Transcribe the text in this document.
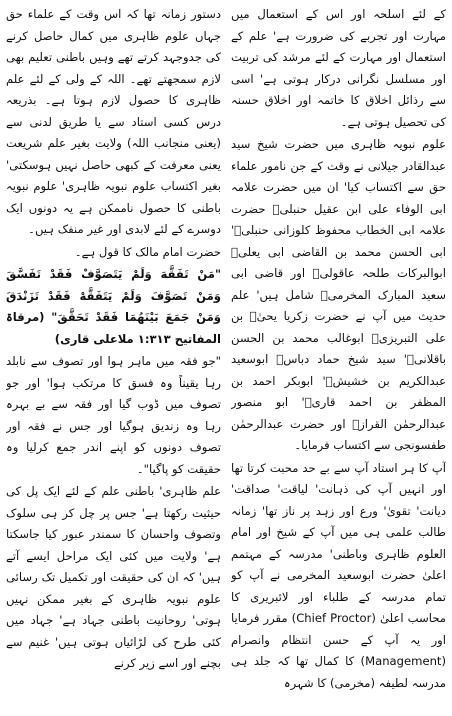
دستور زمانہ تھا کہ اس وقت کے علماء حق جہاں علوم ظاہری میں کمال حاصل کرنے کی جدوجہد کرتے تھے وہیں باطنی تعلیم بھی لازم سمجھتے تھے۔ اللہ کے ولی کے لئے علم ظاہری کا حصول لازم ہوتا ہے۔ بذریعہ درس کسی استاد سے یا طریق لدنی سے (یعنی منجانب اللہ) ولایت بغیر علم شریعت یعنی معرفت کے کبھی حاصل نہیں ہوسکتی' بغیر اکتساب علوم نبویہ ظاہری' علوم نبویہ باطنی کا حصول ناممکن ہے یہ دونوں ایک دوسرے کے لئے لابدی اور غیر منفک ہیں۔

حضرت امام مالک کا قول ہے۔

"مَنْ تَفَقَّهَ وَلَمْ يَتَصَوَّفْ فَقَدْ تَفَسَّقَ وَمَنْ تَصَوَّفَ وَلَمْ يَتَفَقَّهْ فَقَدْ تَزَنْدَقَ وَمَنْ جَمَعَ بَيْنَهُمَا فَقَدْ تَحَقَّقَ" (مرقاۃ المفاتیح ۱:۳۱۳ ملاعلی قاری)

"جو فقہ میں ماہر ہوا اور تصوف سے نابلد رہا یقیناً وہ فسق کا مرتکب ہوا' اور جو تصوف میں ڈوب گیا اور فقہ سے بے بہرہ رہا وہ زندیق ہوگیا اور جس نے فقہ اور تصوف دونوں کو اپنے اندر جمع کرلیا وہ حقیقت کو پاگیا"۔

علم ظاہری' باطنی علم کے لئے ایک پل کی حیثیت رکھتا ہے' جس پر چل کر ہی سلوک وتصوف واحسان کا سمندر عبور کیا جاسکتا ہے' ولایت میں کئی ایک مراحل ایسے آتے ہیں' کہ ان کی حقیقت اور تکمیل تک رسائی علوم نبویہ ظاہری کے بغیر ممکن نہیں ہوتی' روحانیت باطنی جہاد ہے' جہاد میں کئی طرح کی لڑائیاں ہوتی ہیں' غنیم سے بچنے اور اسے زیر کرنے

کے لئے اسلحہ اور اس کے استعمال میں مہارت اور تجربے کی ضرورت ہے' علم کے استعمال اور مہارت کے لئے مرشد کی تربیت اور مسلسل نگرانی درکار ہوتی ہے' اسی سے رذائل اخلاق کا خاتمہ اور اخلاق حسنہ کی تحصیل ہوتی ہے۔

علوم نبویہ ظاہری میں حضرت شیخ سید عبدالقادر جیلانی نے وقت کے جن نامور علماء حق سے اکتساب کیا' ان میں حضرت علامہ ابی الوفاء علی ابن عقیل حنبلیؒ حضرت علامہ ابی الخطاب محفوظ کلوزانی حنبلیؒ' ابی الحسن محمد بن القاضی ابی یعلیؒ ابوالبرکات طلحہ عاقولیؒ اور قاضی ابی سعید المبارک المخرمیؒ شامل ہیں' علم حدیث میں آپ نے حضرت زکریا یحیٰؒ بن علی التبریزیؒ ابوغالب محمد بن الحسن باقلانیؒ' سید شیخ حماد دباسؒ ابوسعید عبدالکریم بن خشیشؒ' ابوبکر احمد بن المظفر بن احمد قاریؒ' ابو منصور عبدالرحمٰن القرازؒ اور حضرت عبدالرحمٰن طفسونجی سے اکتساب فرمایا۔

آپ کا ہر استاد آپ سے بے حد محبت کرتا تھا اور انہیں آپ کی ذہانت' لیاقت' صداقت' دیانت' تقویٰ' ورع اور زہد پر ناز تھا' زمانہ طالب علمی ہی میں آپ کے شیخ اور امام العلوم ظاہری وباطنی' مدرسہ کے مہتمم اعلیٰ حضرت ابوسعید المخرمی نے آپ کو تمام مدرسہ کے طلباء اور لائبریری کا محاسب اعلیٰ (Chief Proctor) مقرر فرمایا اور یہ آپ کے حسن انتظام وانصرام (Management) کا کمال تھا کہ جلد ہی مدرسہ لطیفہ (مخرمی) کا شہرہ
